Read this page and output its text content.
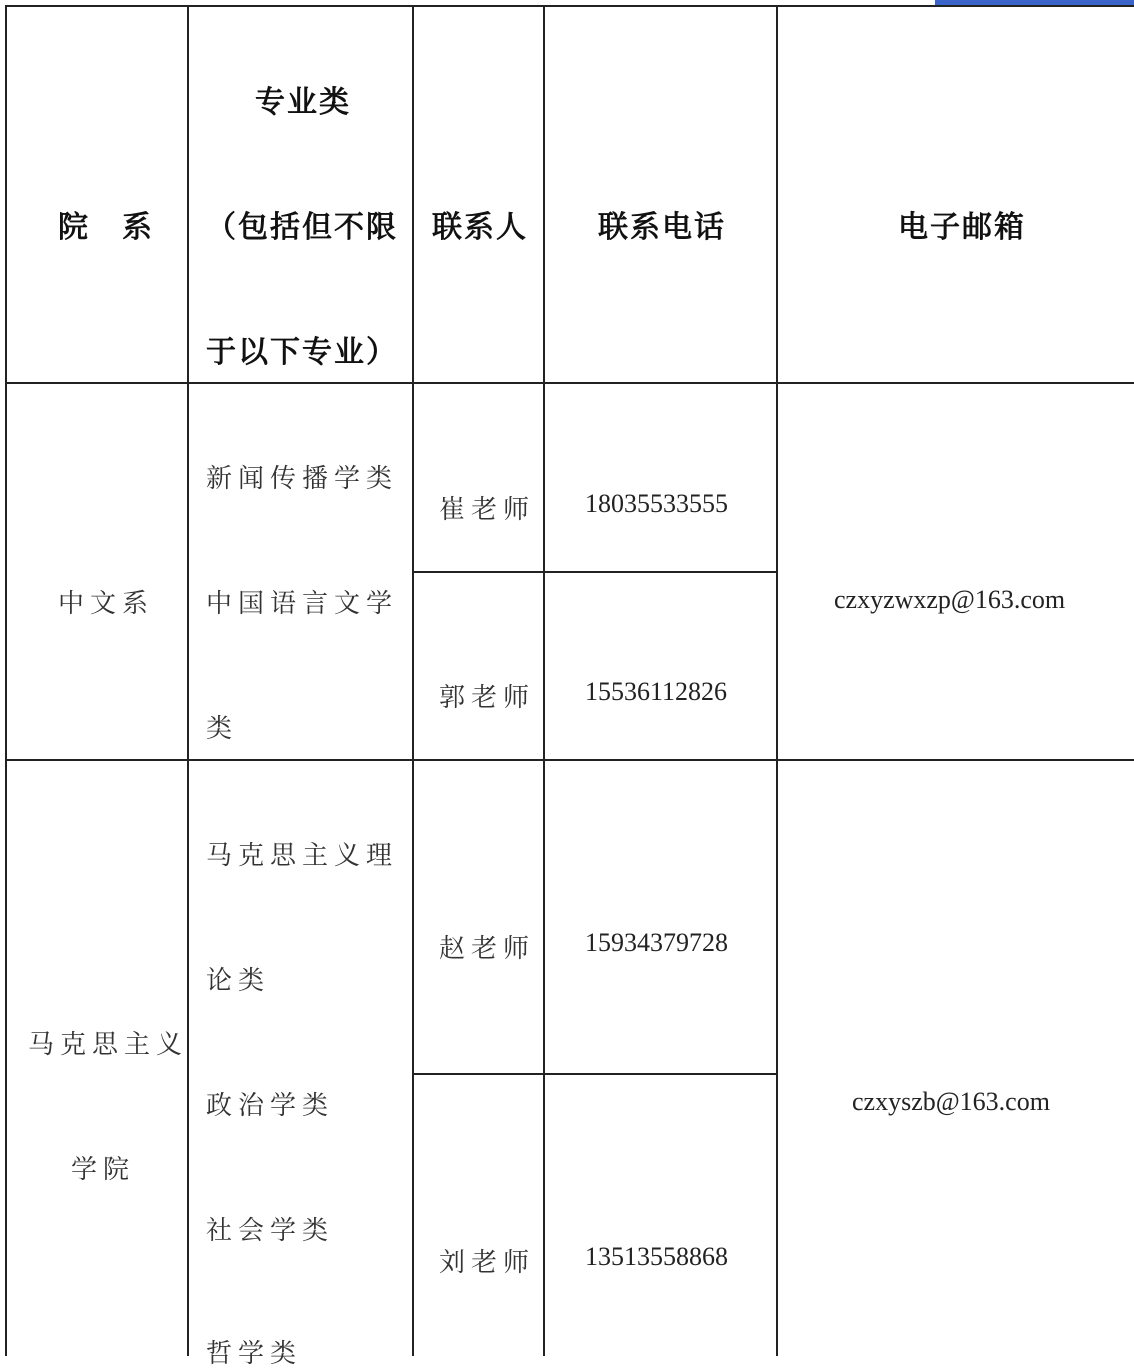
院　系
专业类
（包括但不限
于以下专业）
联系人 联系电话	电子邮箱
中文系
新闻传播学类
中国语言文学
类
崔老师 18035533555
郭老师 15536112826
czxyzwxzp@163.com
马克思主义
学院
马克思主义理
论类
政治学类
社会学类
哲学类
赵老师 15934379728
刘老师 13513558868
czxyszb@163.com
